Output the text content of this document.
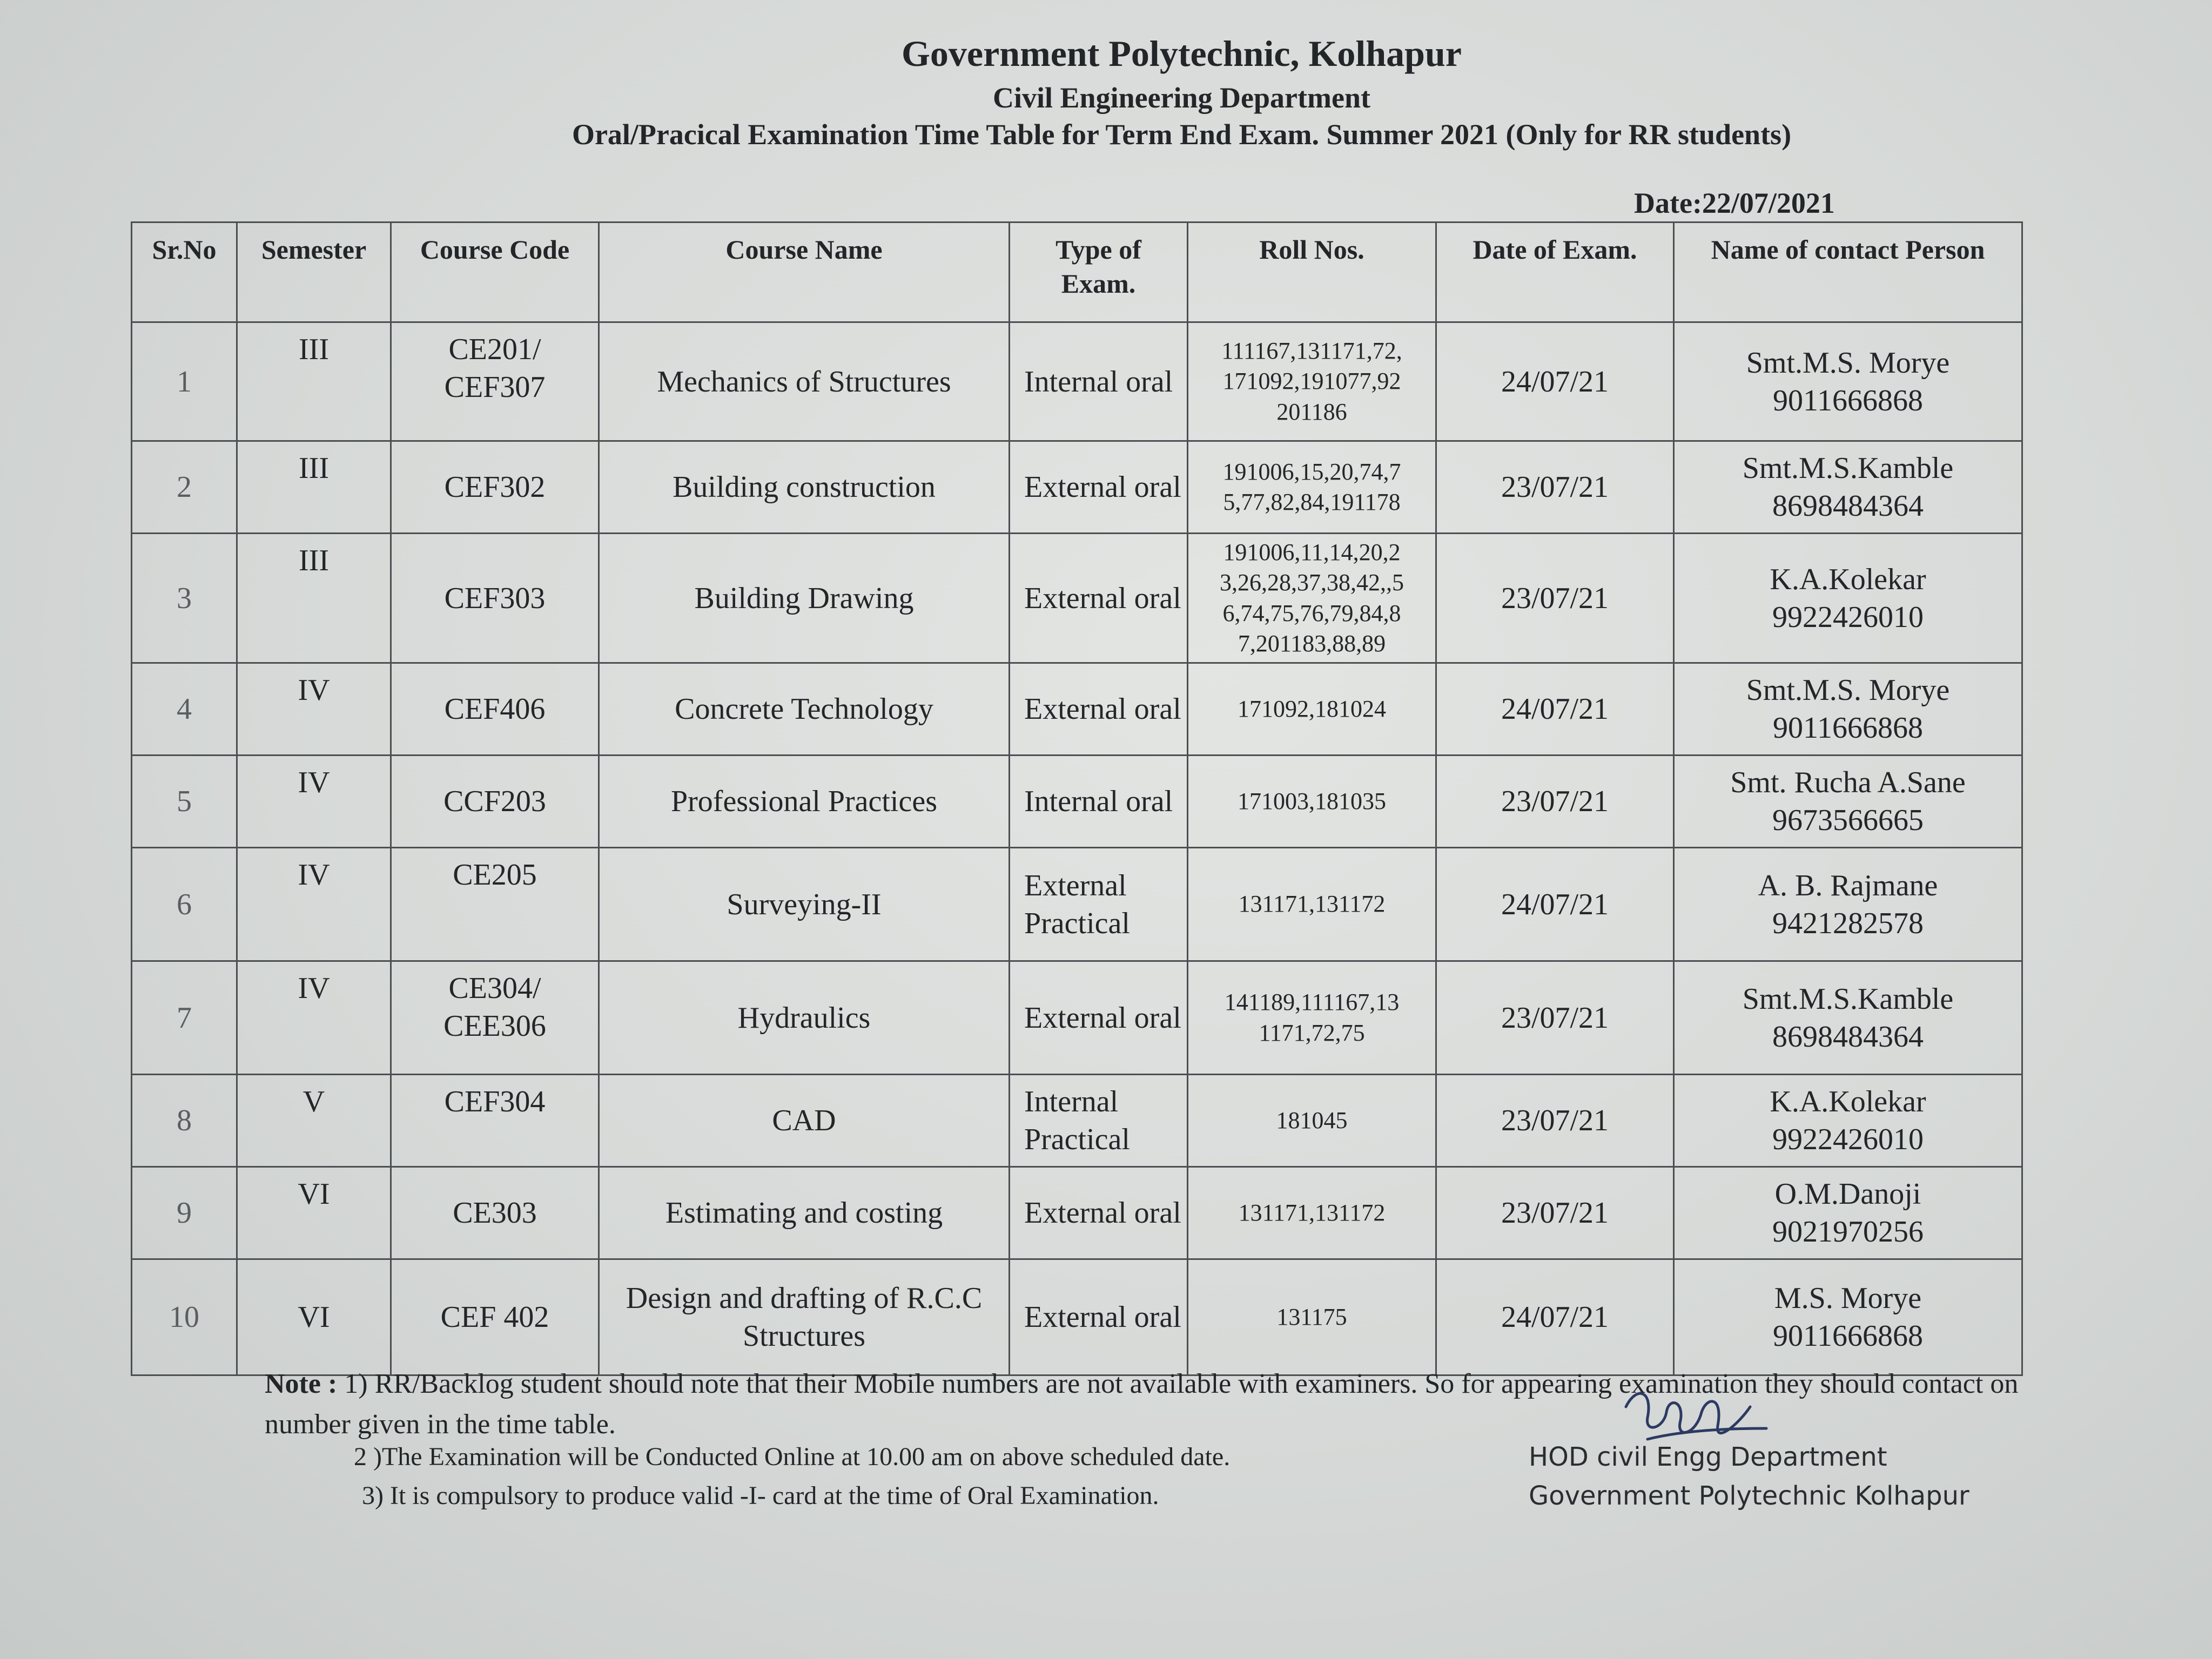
Government Polytechnic, Kolhapur
Civil Engineering Department
Oral/Pracical Examination Time Table for Term End Exam. Summer 2021 (Only for RR students)
Date:22/07/2021
Sr.No	Semester	Course Code	Course Name	Type of Exam.	Roll Nos.	Date of Exam.	Name of contact Person
1	III	CE201/ CEF307	Mechanics of Structures	Internal oral	111167,131171,72, 171092,191077,92 201186	24/07/21	Smt.M.S. Morye
9011666868

2	III	CEF302	Building construction	External oral	191006,15,20,74,7 5,77,82,84,191178	23/07/21	Smt.M.S.Kamble
8698484364

3	III	CEF303	Building Drawing	External oral	191006,11,14,20,2 3,26,28,37,38,42,,5 6,74,75,76,79,84,8 7,201183,88,89	23/07/21	K.A.Kolekar
9922426010

4	IV	CEF406	Concrete Technology	External oral	171092,181024	24/07/21	Smt.M.S. Morye
9011666868

5	IV	CCF203	Professional Practices	Internal oral	171003,181035	23/07/21	Smt. Rucha A.Sane
9673566665

6	IV	CE205	Surveying-II	External Practical	131171,131172	24/07/21	A. B. Rajmane
9421282578

7	IV	CE304/ CEE306	Hydraulics	External oral	141189,111167,13 1171,72,75	23/07/21	Smt.M.S.Kamble
8698484364

8	V	CEF304	CAD	Internal Practical	181045	23/07/21	K.A.Kolekar
9922426010

9	VI	CE303	Estimating and costing	External oral	131171,131172	23/07/21	O.M.Danoji
9021970256

10	VI	CEF 402	Design and drafting of R.C.C Structures	External oral	131175	24/07/21	M.S. Morye
9011666868
Note : 1) RR/Backlog student should note that their Mobile numbers are not available with examiners. So for appearing examination they should contact on number given in the time table.
2 )The Examination will be Conducted Online at 10.00 am on above scheduled date.
3) It is compulsory to produce valid -I- card at the time of Oral Examination.
HOD civil Engg Department
Government Polytechnic Kolhapur
